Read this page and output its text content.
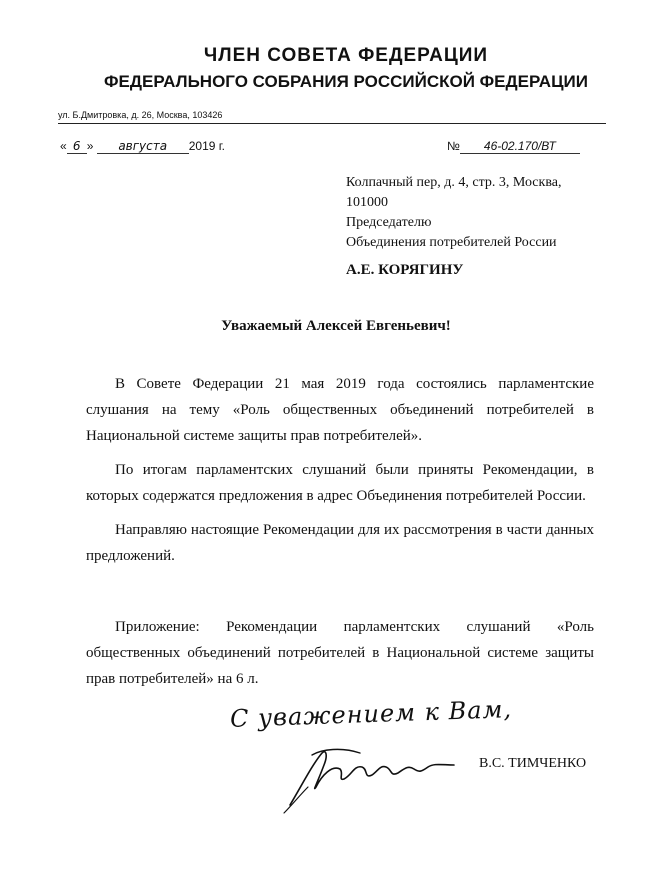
ЧЛЕН СОВЕТА ФЕДЕРАЦИИ
ФЕДЕРАЛЬНОГО СОБРАНИЯ РОССИЙСКОЙ ФЕДЕРАЦИИ
ул. Б.Дмитровка, д. 26, Москва, 103426
« 6 » августа 2019 г.	№ 46-02.170/ВТ
Колпачный пер, д. 4, стр. 3, Москва,
101000
Председателю
Объединения потребителей России
А.Е. КОРЯГИНУ
Уважаемый Алексей Евгеньевич!

В Совете Федерации 21 мая 2019 года состоялись парламентские слушания на тему «Роль общественных объединений потребителей в Национальной системе защиты прав потребителей».

По итогам парламентских слушаний были приняты Рекомендации, в которых содержатся предложения в адрес Объединения потребителей России.

Направляю настоящие Рекомендации для их рассмотрения в части данных предложений.

Приложение: Рекомендации парламентских слушаний «Роль общественных объединений потребителей в Национальной системе защиты прав потребителей» на 6 л.
С уважением к Вам,
В.С. ТИМЧЕНКО
